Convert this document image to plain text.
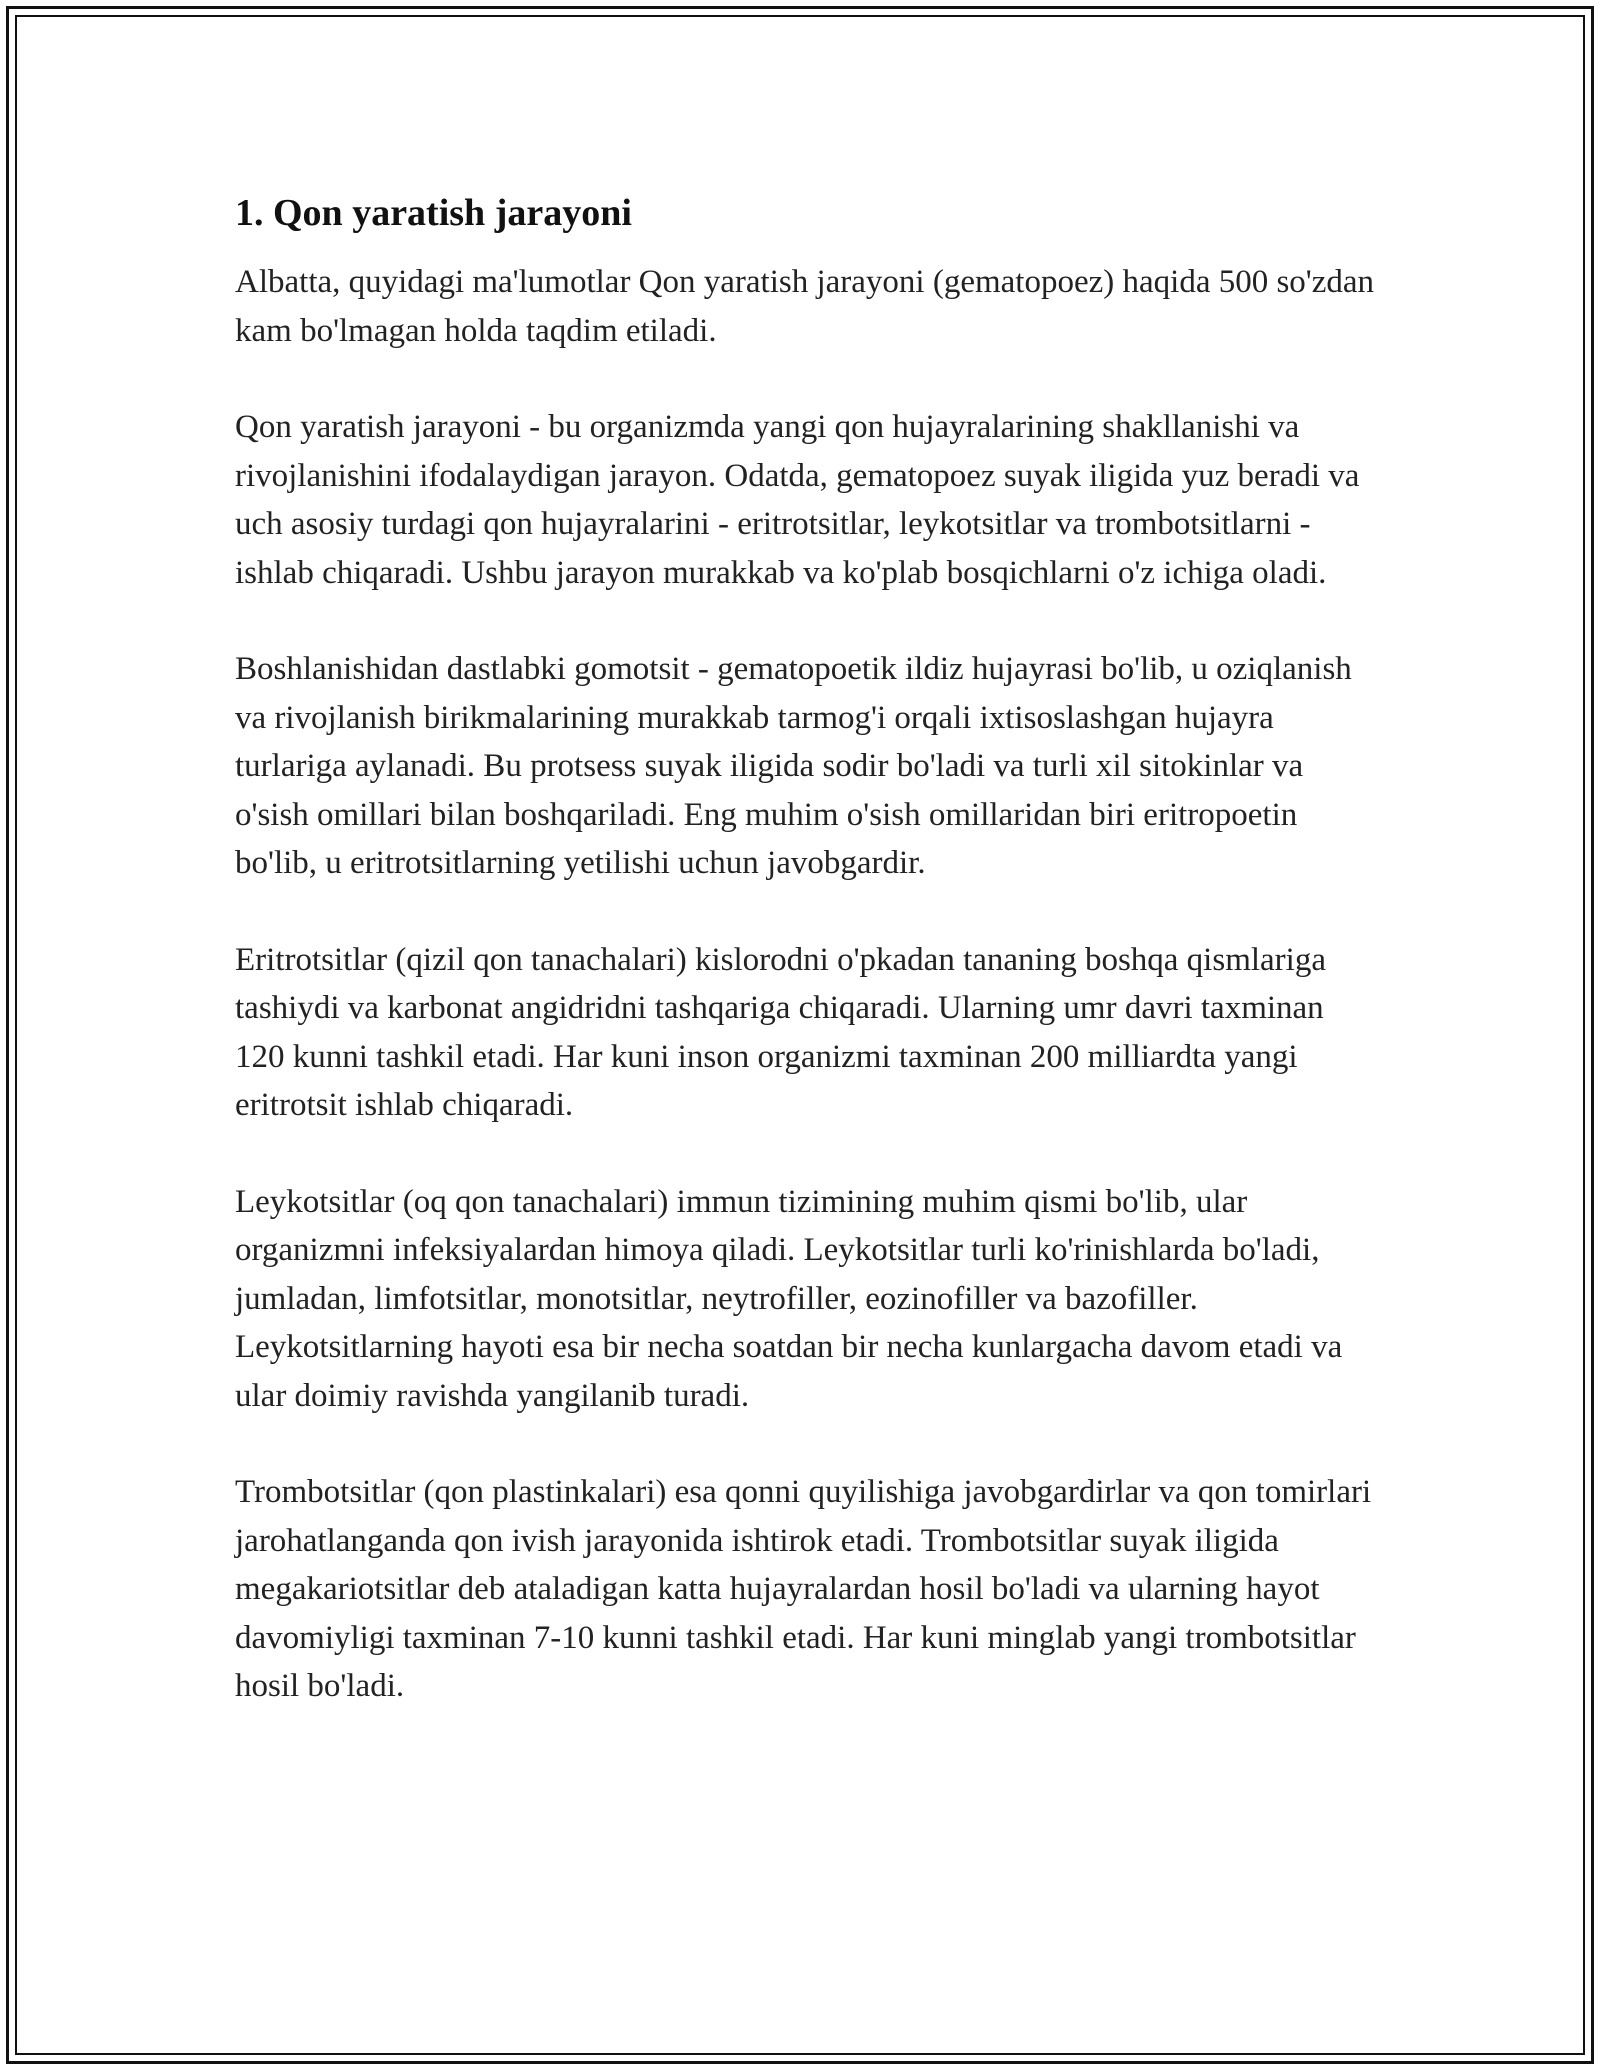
1. Qon yaratish jarayoni

Albatta, quyidagi ma'lumotlar Qon yaratish jarayoni (gematopoez) haqida 500 so'zdan kam bo'lmagan holda taqdim etiladi.

Qon yaratish jarayoni - bu organizmda yangi qon hujayralarining shakllanishi va rivojlanishini ifodalaydigan jarayon. Odatda, gematopoez suyak iligida yuz beradi va uch asosiy turdagi qon hujayralarini - eritrotsitlar, leykotsitlar va trombotsitlarni - ishlab chiqaradi. Ushbu jarayon murakkab va ko'plab bosqichlarni o'z ichiga oladi.

Boshlanishidan dastlabki gomotsit - gematopoetik ildiz hujayrasi bo'lib, u oziqlanish va rivojlanish birikmalarining murakkab tarmog'i orqali ixtisoslashgan hujayra turlariga aylanadi. Bu protsess suyak iligida sodir bo'ladi va turli xil sitokinlar va o'sish omillari bilan boshqariladi. Eng muhim o'sish omillaridan biri eritropoetin bo'lib, u eritrotsitlarning yetilishi uchun javobgardir.

Eritrotsitlar (qizil qon tanachalari) kislorodni o'pkadan tananing boshqa qismlariga tashiydi va karbonat angidridni tashqariga chiqaradi. Ularning umr davri taxminan 120 kunni tashkil etadi. Har kuni inson organizmi taxminan 200 milliardta yangi eritrotsit ishlab chiqaradi.

Leykotsitlar (oq qon tanachalari) immun tizimining muhim qismi bo'lib, ular organizmni infeksiyalardan himoya qiladi. Leykotsitlar turli ko'rinishlarda bo'ladi, jumladan, limfotsitlar, monotsitlar, neytrofiller, eozinofiller va bazofiller. Leykotsitlarning hayoti esa bir necha soatdan bir necha kunlargacha davom etadi va ular doimiy ravishda yangilanib turadi.

Trombotsitlar (qon plastinkalari) esa qonni quyilishiga javobgardirlar va qon tomirlari jarohatlanganda qon ivish jarayonida ishtirok etadi. Trombotsitlar suyak iligida megakariotsitlar deb ataladigan katta hujayralardan hosil bo'ladi va ularning hayot davomiyligi taxminan 7-10 kunni tashkil etadi. Har kuni minglab yangi trombotsitlar hosil bo'ladi.
